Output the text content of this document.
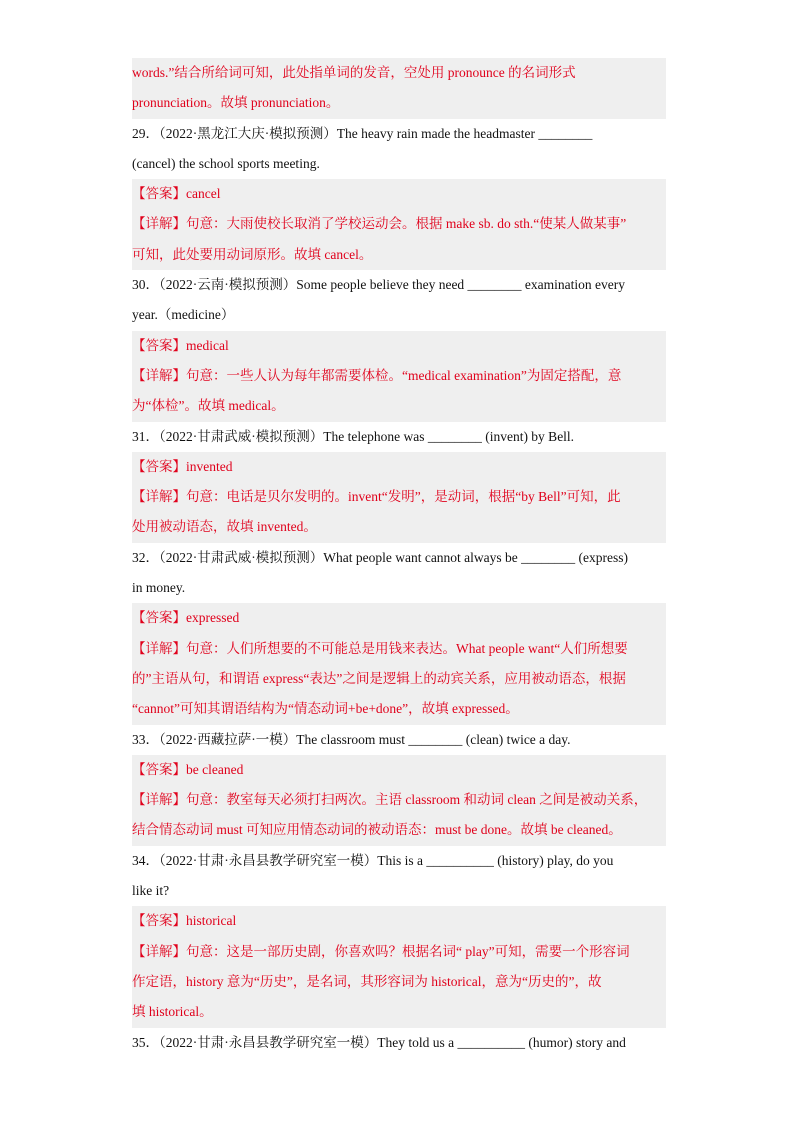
words.”结合所给词可知，此处指单词的发音，空处用 pronounce 的名词形式
pronunciation。故填 pronunciation。
29．（2022·黑龙江大庆·模拟预测）The heavy rain made the headmaster ________
(cancel) the school sports meeting.
【答案】cancel
【详解】句意：大雨使校长取消了学校运动会。根据 make sb. do sth.“使某人做某事”
可知，此处要用动词原形。故填 cancel。
30．（2022·云南·模拟预测）Some people believe they need ________ examination every
year.（medicine）
【答案】medical
【详解】句意：一些人认为每年都需要体检。“medical examination”为固定搭配，意
为“体检”。故填 medical。
31．（2022·甘肃武威·模拟预测）The telephone was ________ (invent) by Bell.
【答案】invented
【详解】句意：电话是贝尔发明的。invent“发明”，是动词，根据“by Bell”可知，此
处用被动语态，故填 invented。
32．（2022·甘肃武威·模拟预测）What people want cannot always be ________ (express)
in money.
【答案】expressed
【详解】句意：人们所想要的不可能总是用钱来表达。What people want“人们所想要
的”主语从句，和谓语 express“表达”之间是逻辑上的动宾关系，应用被动语态，根据
“cannot”可知其谓语结构为“情态动词+be+done”，故填 expressed。
33．（2022·西藏拉萨·一模）The classroom must ________ (clean) twice a day.
【答案】be cleaned
【详解】句意：教室每天必须打扫两次。主语 classroom 和动词 clean 之间是被动关系，
结合情态动词 must 可知应用情态动词的被动语态：must be done。故填 be cleaned。
34．（2022·甘肃·永昌县教学研究室一模）This is a __________ (history) play, do you
like it?
【答案】historical
【详解】句意：这是一部历史剧，你喜欢吗？根据名词“ play”可知，需要一个形容词
作定语，history 意为“历史”，是名词，其形容词为 historical，意为“历史的”，故
填 historical。
35．（2022·甘肃·永昌县教学研究室一模）They told us a __________ (humor) story and
